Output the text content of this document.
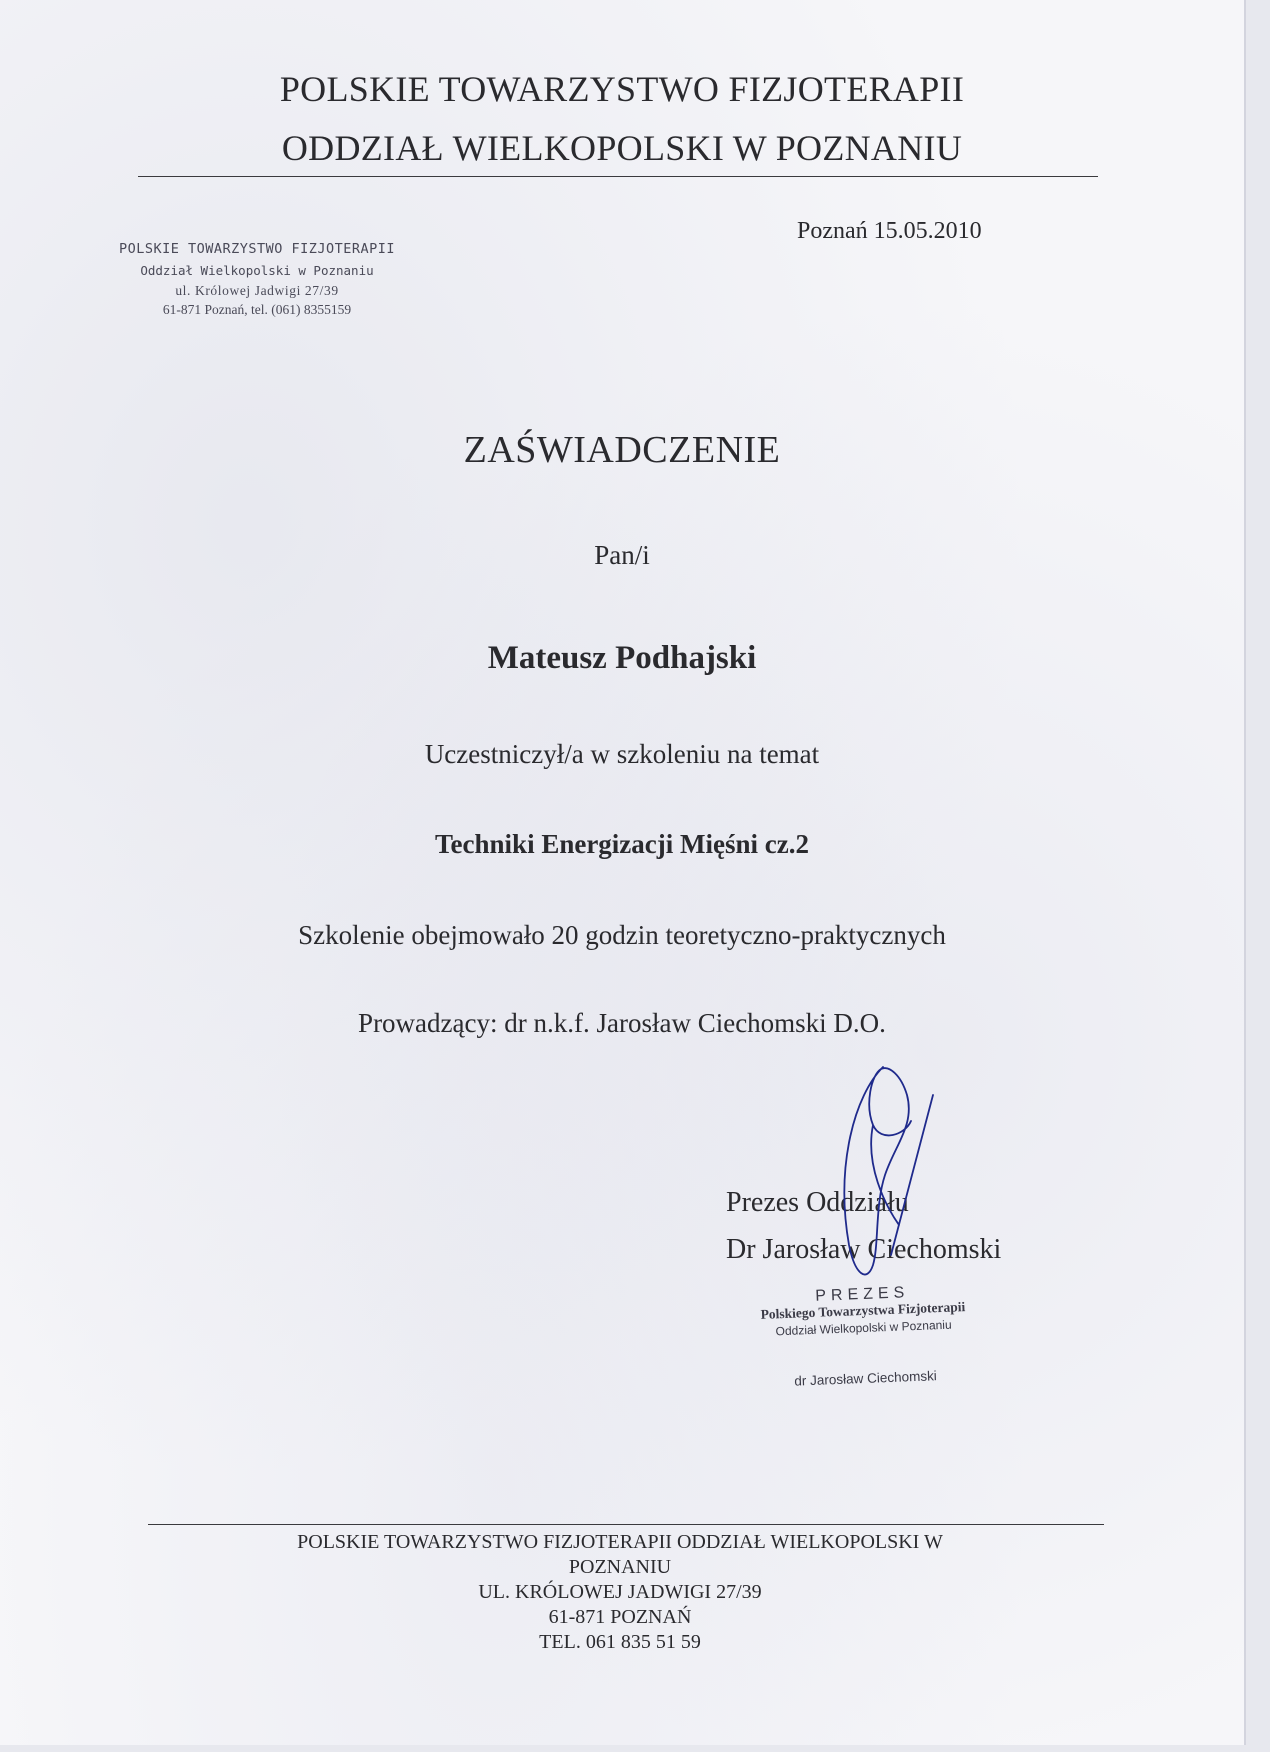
POLSKIE TOWARZYSTWO FIZJOTERAPII
ODDZIAŁ WIELKOPOLSKI W POZNANIU
POLSKIE TOWARZYSTWO FIZJOTERAPII
Oddział Wielkopolski w Poznaniu
ul. Królowej Jadwigi 27/39
61-871 Poznań, tel. (061) 8355159
Poznań 15.05.2010
ZAŚWIADCZENIE
Pan/i
Mateusz Podhajski
Uczestniczył/a w szkoleniu na temat
Techniki Energizacji Mięśni cz.2
Szkolenie obejmowało 20 godzin teoretyczno-praktycznych
Prowadzący: dr n.k.f. Jarosław Ciechomski D.O.
Prezes Oddziału
Dr Jarosław Ciechomski
PREZES
Polskiego Towarzystwa Fizjoterapii
Oddział Wielkopolski w Poznaniu
dr Jarosław Ciechomski
POLSKIE TOWARZYSTWO FIZJOTERAPII ODDZIAŁ WIELKOPOLSKI W
POZNANIU
UL. KRÓLOWEJ JADWIGI 27/39
61-871 POZNAŃ
TEL. 061 835 51 59
